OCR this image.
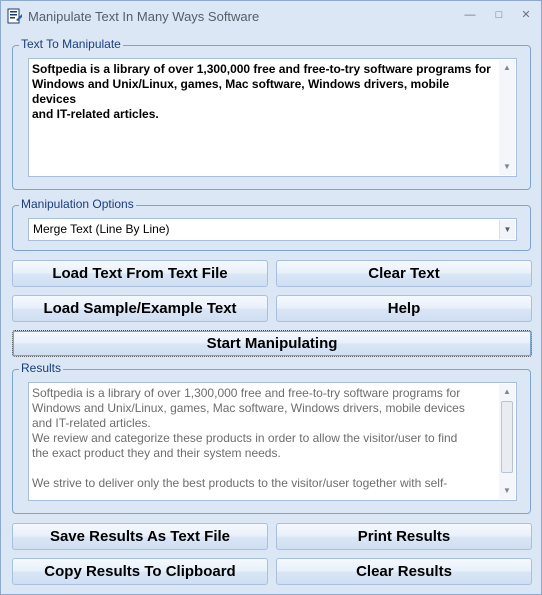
Manipulate Text In Many Ways Software	—	□	✕
Text To Manipulate
Softpedia is a library of over 1,300,000 free and free-to-try software programs for
Windows and Unix/Linux, games, Mac software, Windows drivers, mobile devices
and IT-related articles.
▲
▼
Manipulation Options
Merge Text (Line By Line)	▼
Load Text From Text File	Clear Text
Load Sample/Example Text	Help
Start Manipulating
Results
Softpedia is a library of over 1,300,000 free and free-to-try software programs for
Windows and Unix/Linux, games, Mac software, Windows drivers, mobile devices
and IT-related articles.
We review and categorize these products in order to allow the visitor/user to find
the exact product they and their system needs.

We strive to deliver only the best products to the visitor/user together with self-
▲
▼
Save Results As Text File	Print Results
Copy Results To Clipboard	Clear Results
